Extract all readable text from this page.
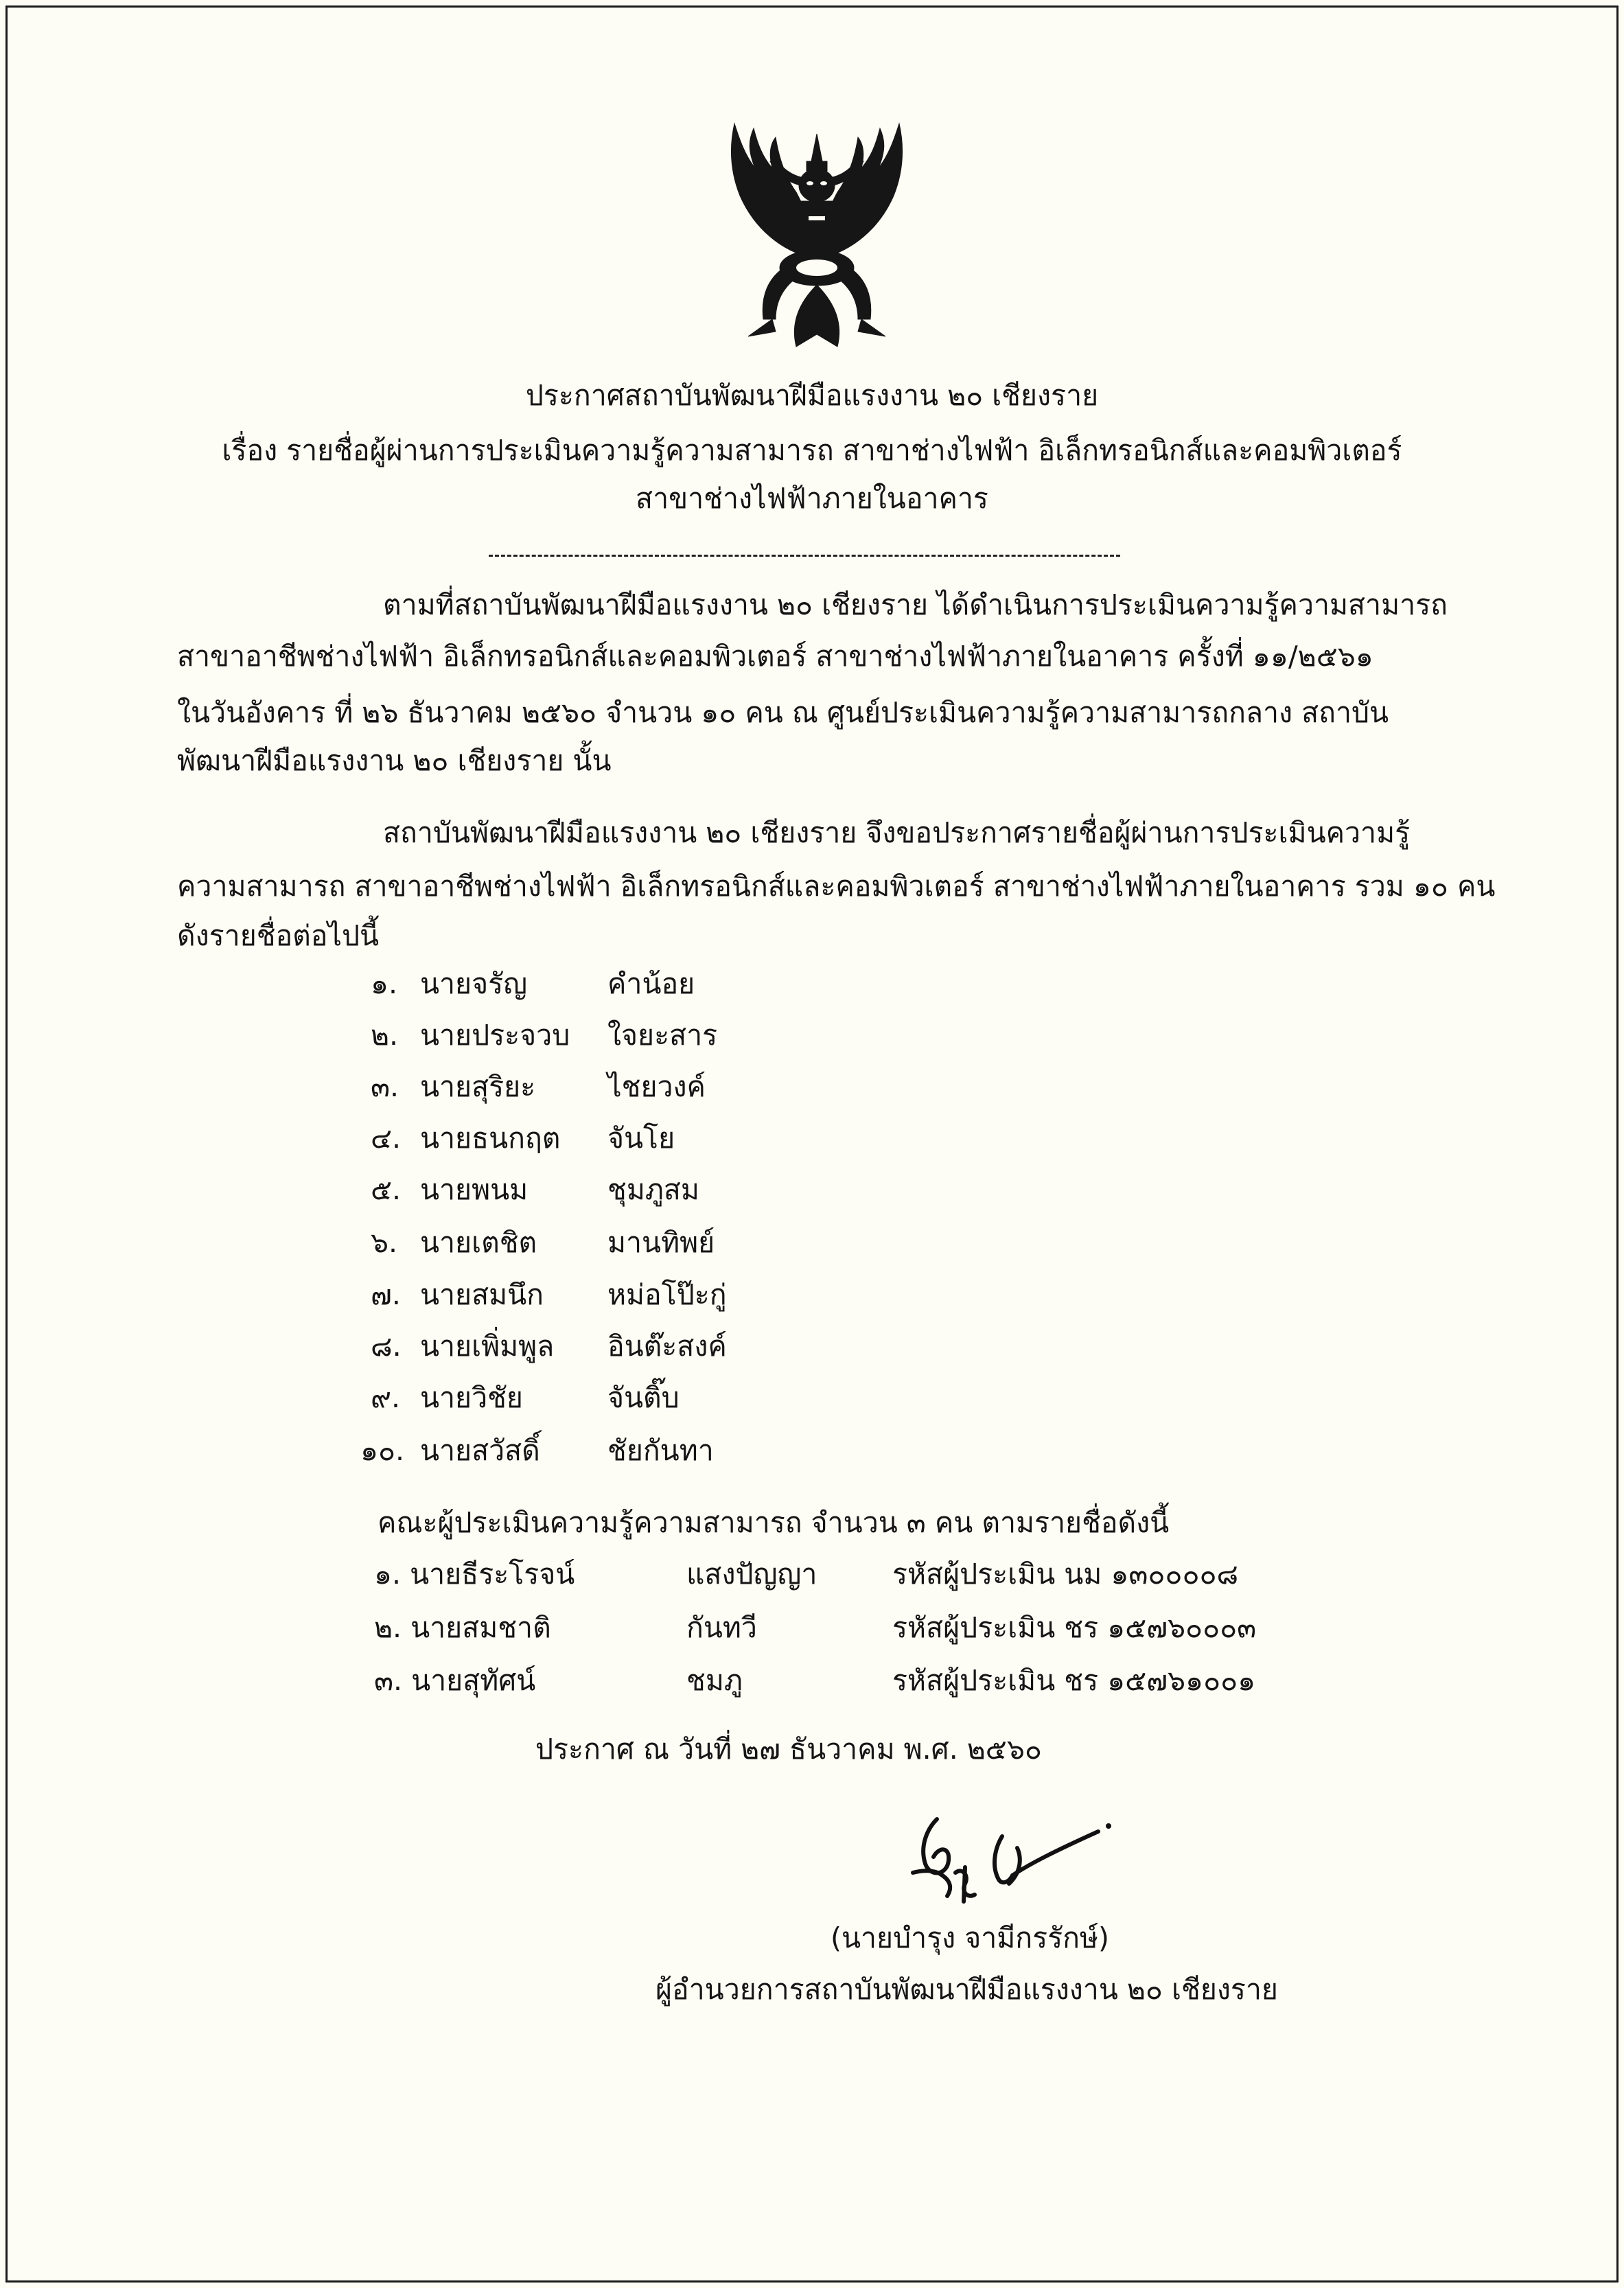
ประกาศสถาบันพัฒนาฝีมือแรงงาน ๒๐ เชียงราย
เรื่อง รายชื่อผู้ผ่านการประเมินความรู้ความสามารถ สาขาช่างไฟฟ้า อิเล็กทรอนิกส์และคอมพิวเตอร์
สาขาช่างไฟฟ้าภายในอาคาร
ตามที่สถาบันพัฒนาฝีมือแรงงาน ๒๐ เชียงราย ได้ดำเนินการประเมินความรู้ความสามารถ
สาขาอาชีพช่างไฟฟ้า อิเล็กทรอนิกส์และคอมพิวเตอร์ สาขาช่างไฟฟ้าภายในอาคาร ครั้งที่ ๑๑/๒๕๖๑
ในวันอังคาร ที่ ๒๖ ธันวาคม ๒๕๖๐ จำนวน ๑๐ คน ณ ศูนย์ประเมินความรู้ความสามารถกลาง สถาบัน
พัฒนาฝีมือแรงงาน ๒๐ เชียงราย นั้น
สถาบันพัฒนาฝีมือแรงงาน ๒๐ เชียงราย จึงขอประกาศรายชื่อผู้ผ่านการประเมินความรู้
ความสามารถ สาขาอาชีพช่างไฟฟ้า อิเล็กทรอนิกส์และคอมพิวเตอร์ สาขาช่างไฟฟ้าภายในอาคาร รวม ๑๐ คน
ดังรายชื่อต่อไปนี้
๑. นายจรัญ	คำน้อย
๒. นายประจวบ ใจยะสาร
๓. นายสุริยะ	ไชยวงค์
๔. นายธนกฤต จันโย
๕. นายพนม	ชุมภูสม
๖. นายเตชิต	มานทิพย์
๗. นายสมนึก หม่อโป๊ะกู่
๘. นายเพิ่มพูล อินต๊ะสงค์
๙. นายวิชัย	จันติ๊บ
๑๐. นายสวัสดิ์ ชัยกันทา
คณะผู้ประเมินความรู้ความสามารถ จำนวน ๓ คน ตามรายชื่อดังนี้
๑. นายธีระโรจน์	แสงปัญญา	รหัสผู้ประเมิน นม ๑๓๐๐๐๐๘
๒. นายสมชาติ	กันทวี	รหัสผู้ประเมิน ชร ๑๕๗๖๐๐๐๓
๓. นายสุทัศน์	ชมภู	รหัสผู้ประเมิน ชร ๑๕๗๖๑๐๐๑
ประกาศ ณ วันที่ ๒๗ ธันวาคม พ.ศ. ๒๕๖๐
(นายบำรุง จามีกรรักษ์)
ผู้อำนวยการสถาบันพัฒนาฝีมือแรงงาน ๒๐ เชียงราย
